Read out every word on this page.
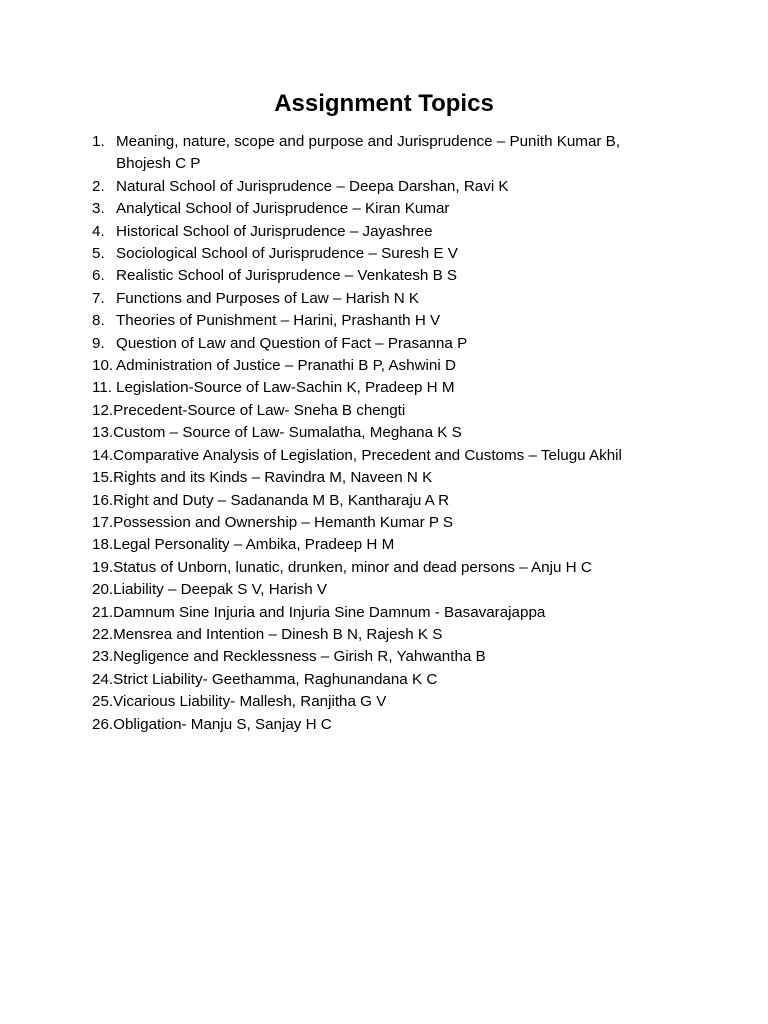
Assignment Topics
1. Meaning, nature, scope and purpose and Jurisprudence – Punith Kumar B, Bhojesh C P
2. Natural School of Jurisprudence – Deepa Darshan, Ravi K
3. Analytical School of Jurisprudence – Kiran Kumar
4. Historical School of Jurisprudence – Jayashree
5. Sociological School of Jurisprudence – Suresh E V
6. Realistic School of Jurisprudence – Venkatesh B S
7. Functions and Purposes of Law – Harish N K
8. Theories of Punishment – Harini, Prashanth H V
9. Question of Law and Question of Fact – Prasanna P
10. Administration of Justice – Pranathi B P, Ashwini D
11. Legislation-Source of Law-Sachin K, Pradeep H M
12. Precedent-Source of Law- Sneha B chengti
13. Custom – Source of Law- Sumalatha, Meghana K S
14. Comparative Analysis of Legislation, Precedent and Customs – Telugu Akhil
15. Rights and its Kinds – Ravindra M, Naveen N K
16. Right and Duty – Sadananda M B, Kantharaju A R
17. Possession and Ownership – Hemanth Kumar P S
18. Legal Personality – Ambika, Pradeep H M
19. Status of Unborn, lunatic, drunken, minor and dead persons – Anju H C
20. Liability – Deepak S V, Harish V
21. Damnum Sine Injuria and Injuria Sine Damnum - Basavarajappa
22. Mensrea and Intention – Dinesh B N, Rajesh K S
23. Negligence and Recklessness – Girish R, Yahwantha B
24. Strict Liability- Geethamma, Raghunandana K C
25. Vicarious Liability- Mallesh, Ranjitha G V
26. Obligation- Manju S, Sanjay H C
